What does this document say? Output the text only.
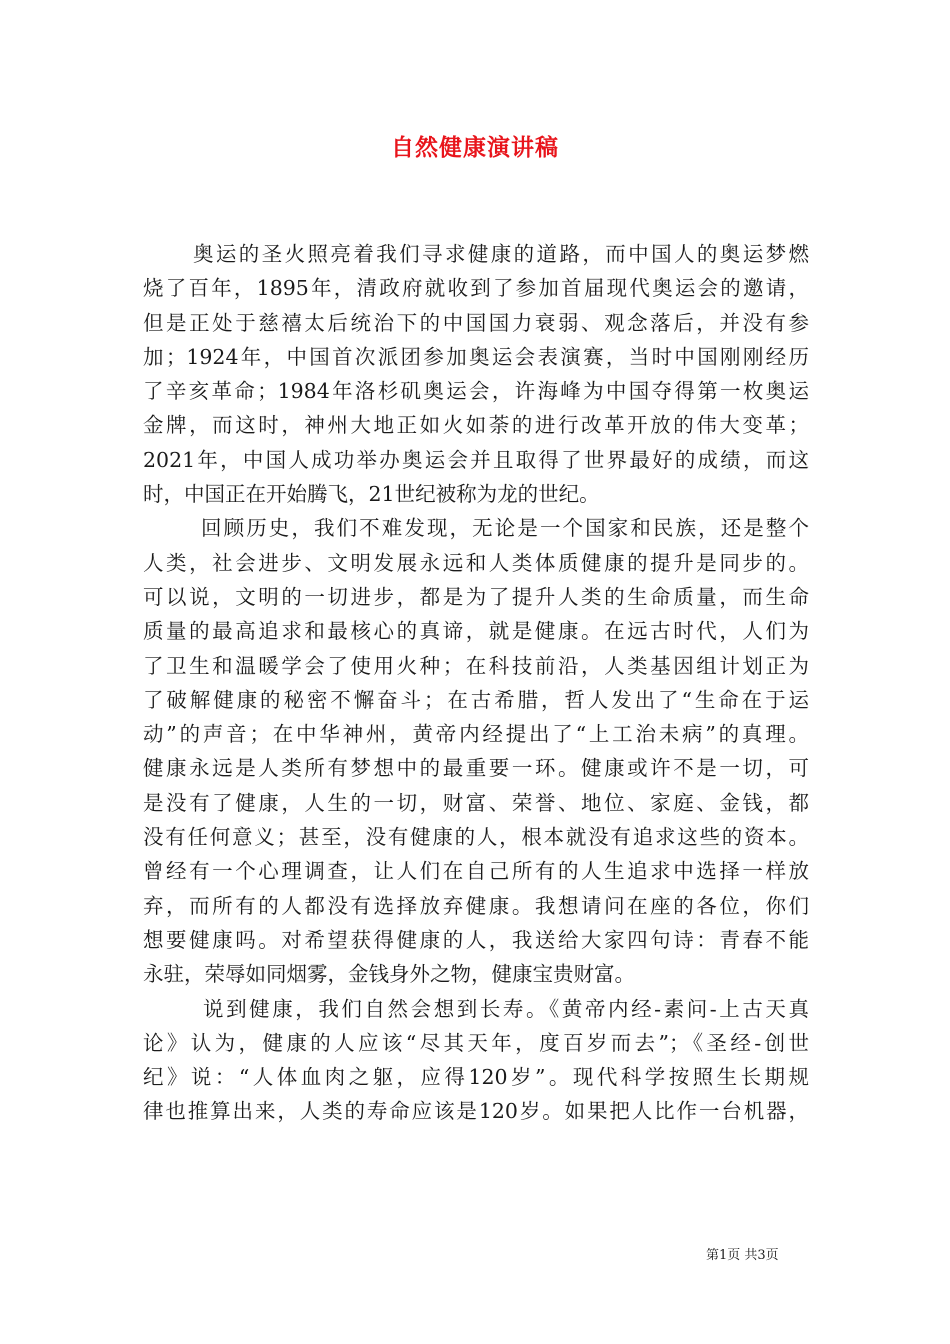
自然健康演讲稿
奥运的圣火照亮着我们寻求健康的道路，而中国人的奥运梦燃
烧了百年，1895年，清政府就收到了参加首届现代奥运会的邀请，
但是正处于慈禧太后统治下的中国国力衰弱、观念落后，并没有参
加；1924年，中国首次派团参加奥运会表演赛，当时中国刚刚经历
了辛亥革命；1984年洛杉矶奥运会，许海峰为中国夺得第一枚奥运
金牌，而这时，神州大地正如火如荼的进行改革开放的伟大变革；
2021年，中国人成功举办奥运会并且取得了世界最好的成绩，而这
时，中国正在开始腾飞，21世纪被称为龙的世纪。
回顾历史，我们不难发现，无论是一个国家和民族，还是整个
人类，社会进步、文明发展永远和人类体质健康的提升是同步的。
可以说，文明的一切进步，都是为了提升人类的生命质量，而生命
质量的最高追求和最核心的真谛，就是健康。在远古时代，人们为
了卫生和温暖学会了使用火种；在科技前沿，人类基因组计划正为
了破解健康的秘密不懈奋斗；在古希腊，哲人发出了“生命在于运
动”的声音；在中华神州，黄帝内经提出了“上工治未病”的真理。
健康永远是人类所有梦想中的最重要一环。健康或许不是一切，可
是没有了健康，人生的一切，财富、荣誉、地位、家庭、金钱，都
没有任何意义；甚至，没有健康的人，根本就没有追求这些的资本。
曾经有一个心理调查，让人们在自己所有的人生追求中选择一样放
弃，而所有的人都没有选择放弃健康。我想请问在座的各位，你们
想要健康吗。对希望获得健康的人，我送给大家四句诗：青春不能
永驻，荣辱如同烟雾，金钱身外之物，健康宝贵财富。
说到健康，我们自然会想到长寿。《黄帝内经-素问-上古天真
论》认为，健康的人应该“尽其天年，度百岁而去”；《圣经-创世
纪》说：“人体血肉之躯，应得120岁”。现代科学按照生长期规
律也推算出来，人类的寿命应该是120岁。如果把人比作一台机器，
第1页 共3页
